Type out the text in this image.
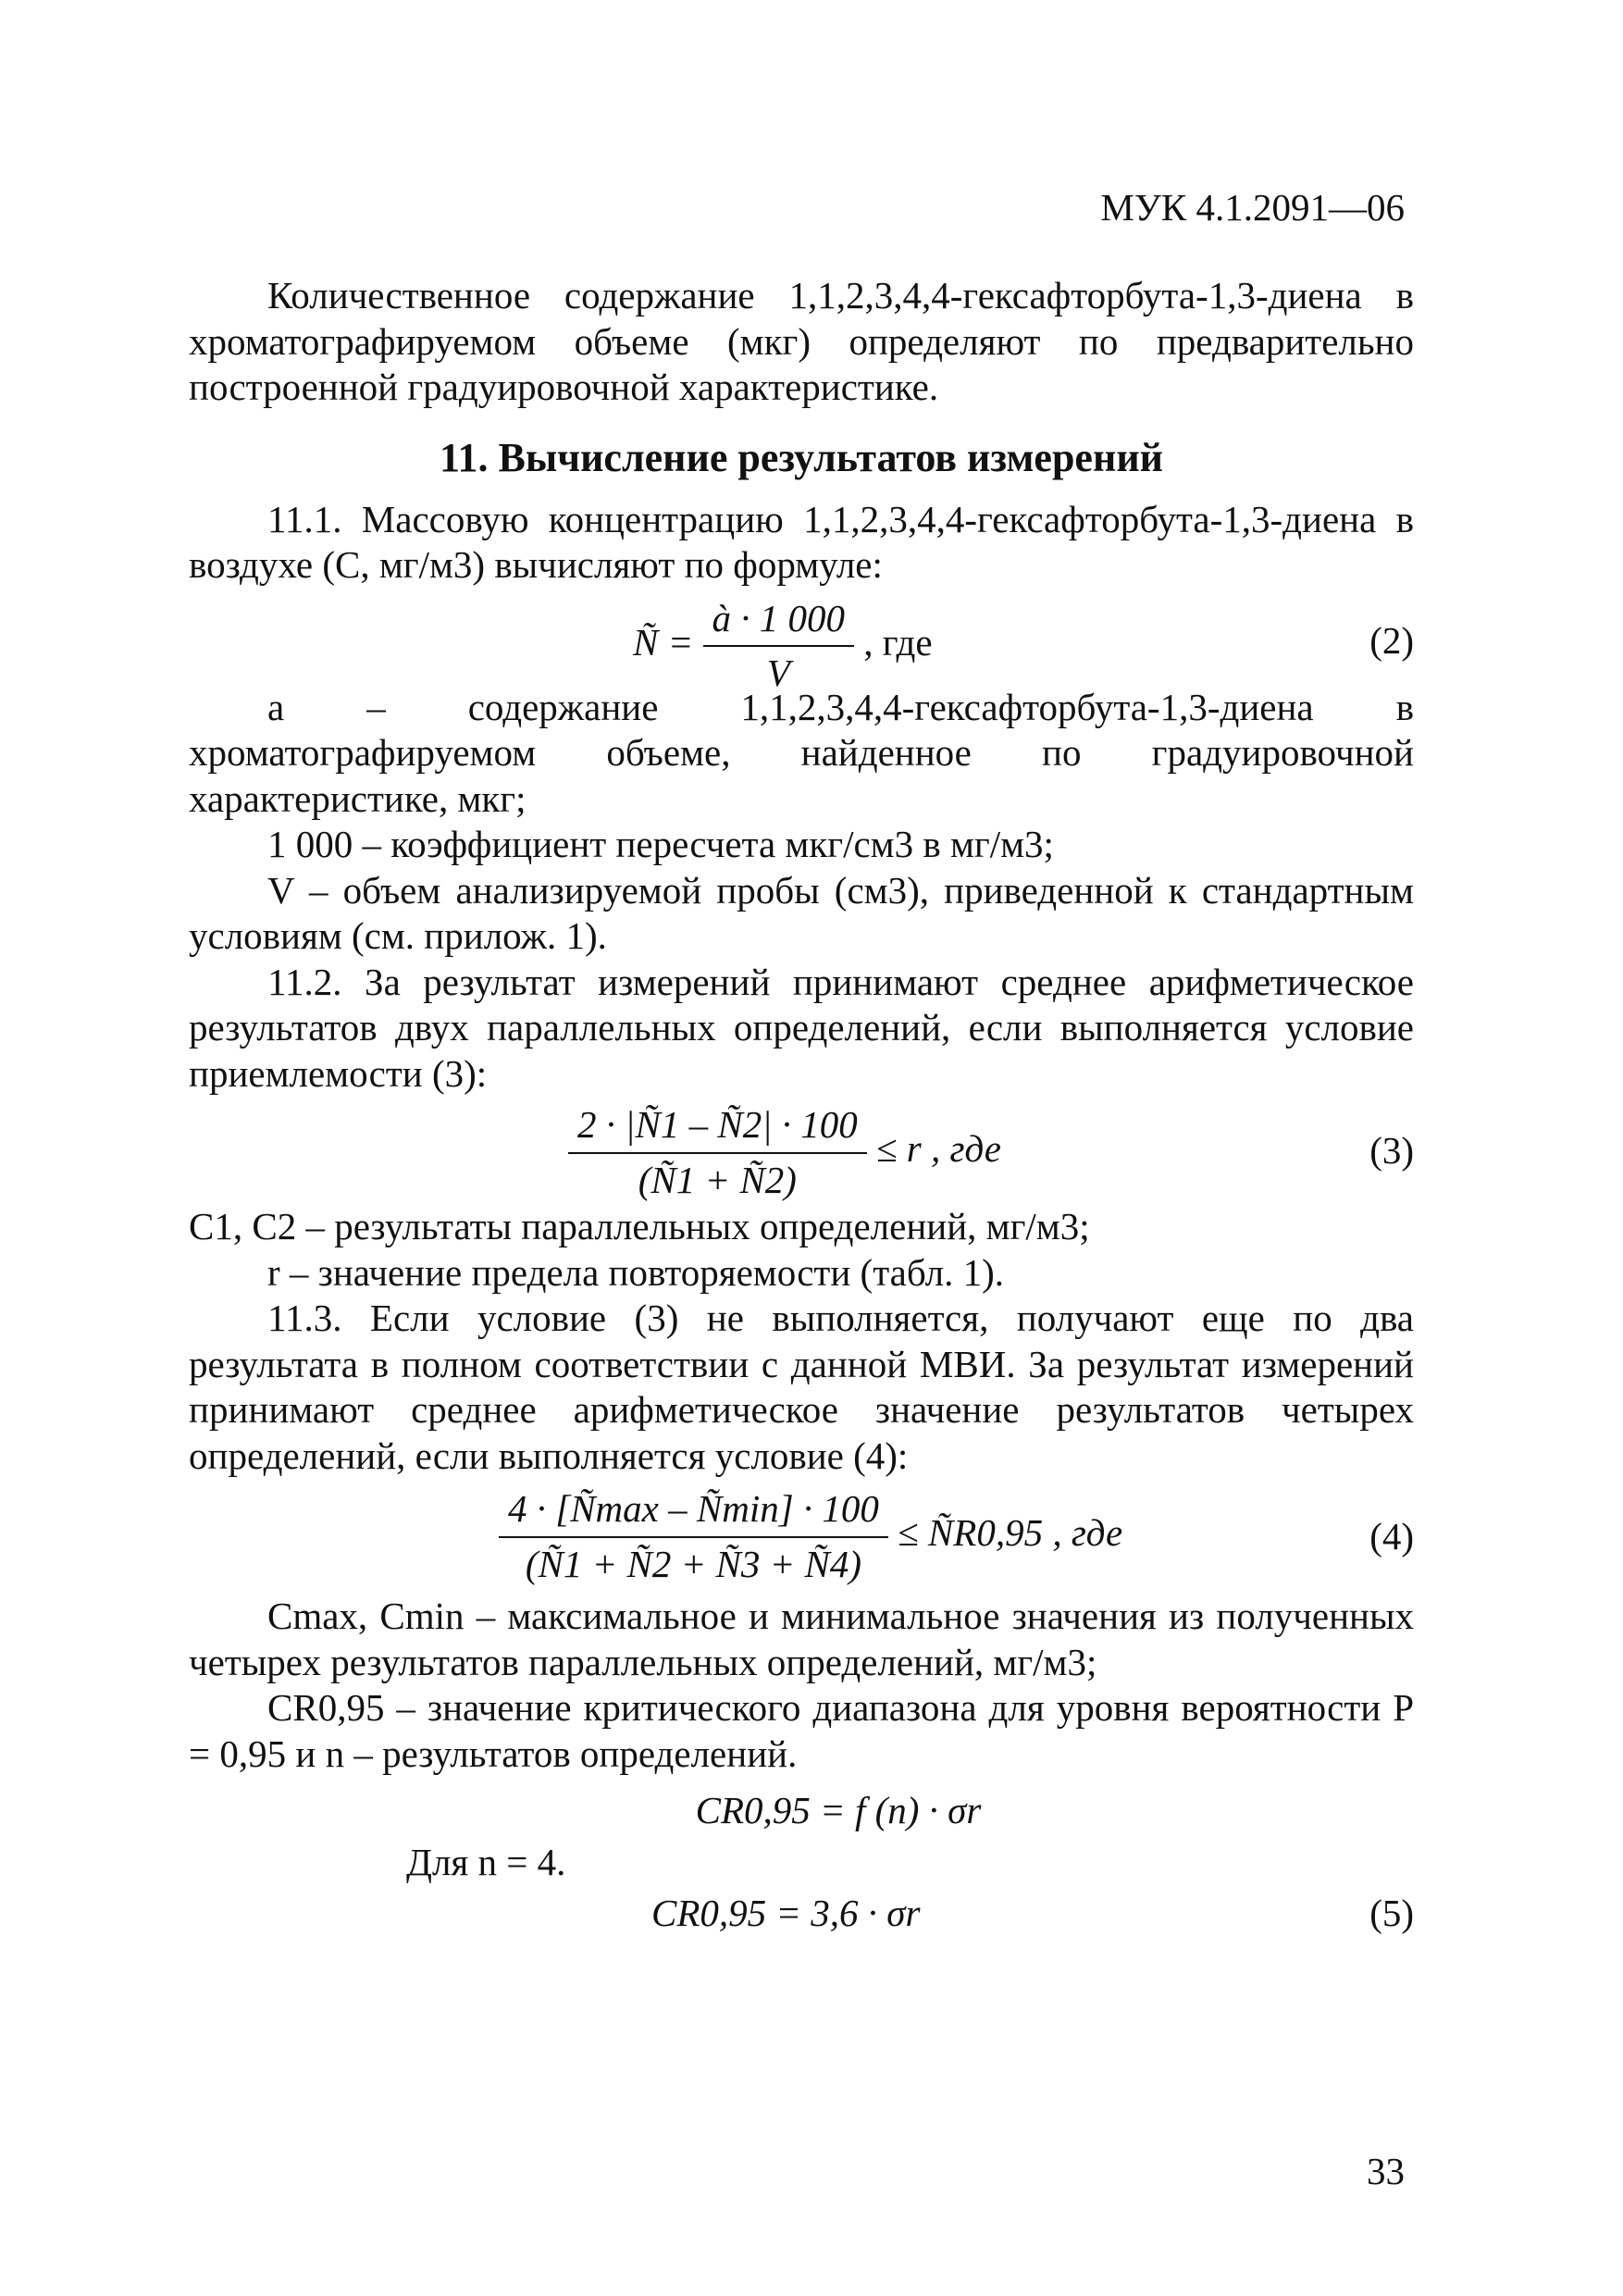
МУК 4.1.2091—06

Количественное содержание 1,1,2,3,4,4-гексафторбута-1,3-диена в хроматографируемом объеме (мкг) определяют по предварительно построенной градуировочной характеристике.

11. Вычисление результатов измерений

11.1. Массовую концентрацию 1,1,2,3,4,4-гексафторбута-1,3-диена в воздухе (C, мг/м3) вычисляют по формуле:

Ñ = $\frac{à \cdot 1 000}{V}$ , где	(2)

а – содержание 1,1,2,3,4,4-гексафторбута-1,3-диена в хроматографируемом объеме, найденное по градуировочной характеристике, мкг;

1 000 – коэффициент пересчета мкг/см3 в мг/м3;

V – объем анализируемой пробы (см3), приведенной к стандартным условиям (см. прилож. 1).

11.2. За результат измерений принимают среднее арифметическое результатов двух параллельных определений, если выполняется условие приемлемости (3):

$\frac{2 \cdot |Ñ1 - Ñ2| \cdot 100}{(Ñ1 + Ñ2)} \le r$ , где	(3)

C1, C2 – результаты параллельных определений, мг/м3;

r – значение предела повторяемости (табл. 1).

11.3. Если условие (3) не выполняется, получают еще по два результата в полном соответствии с данной МВИ. За результат измерений принимают среднее арифметическое значение результатов четырех определений, если выполняется условие (4):

$\frac{4 \cdot [Ñ\max - Ñ\min] \cdot 100}{(Ñ1 + Ñ2 + Ñ3 + Ñ4)}$ ≤ ÑR0,95 , где	(4)

Cmax, Cmin – максимальное и минимальное значения из полученных четырех результатов параллельных определений, мг/м3;

CR0,95 – значение критического диапазона для уровня вероятности P = 0,95 и n – результатов определений.

CR0,95 = f (n) · σr

Для n = 4.

CR0,95 = 3,6 · σr	(5)
33
